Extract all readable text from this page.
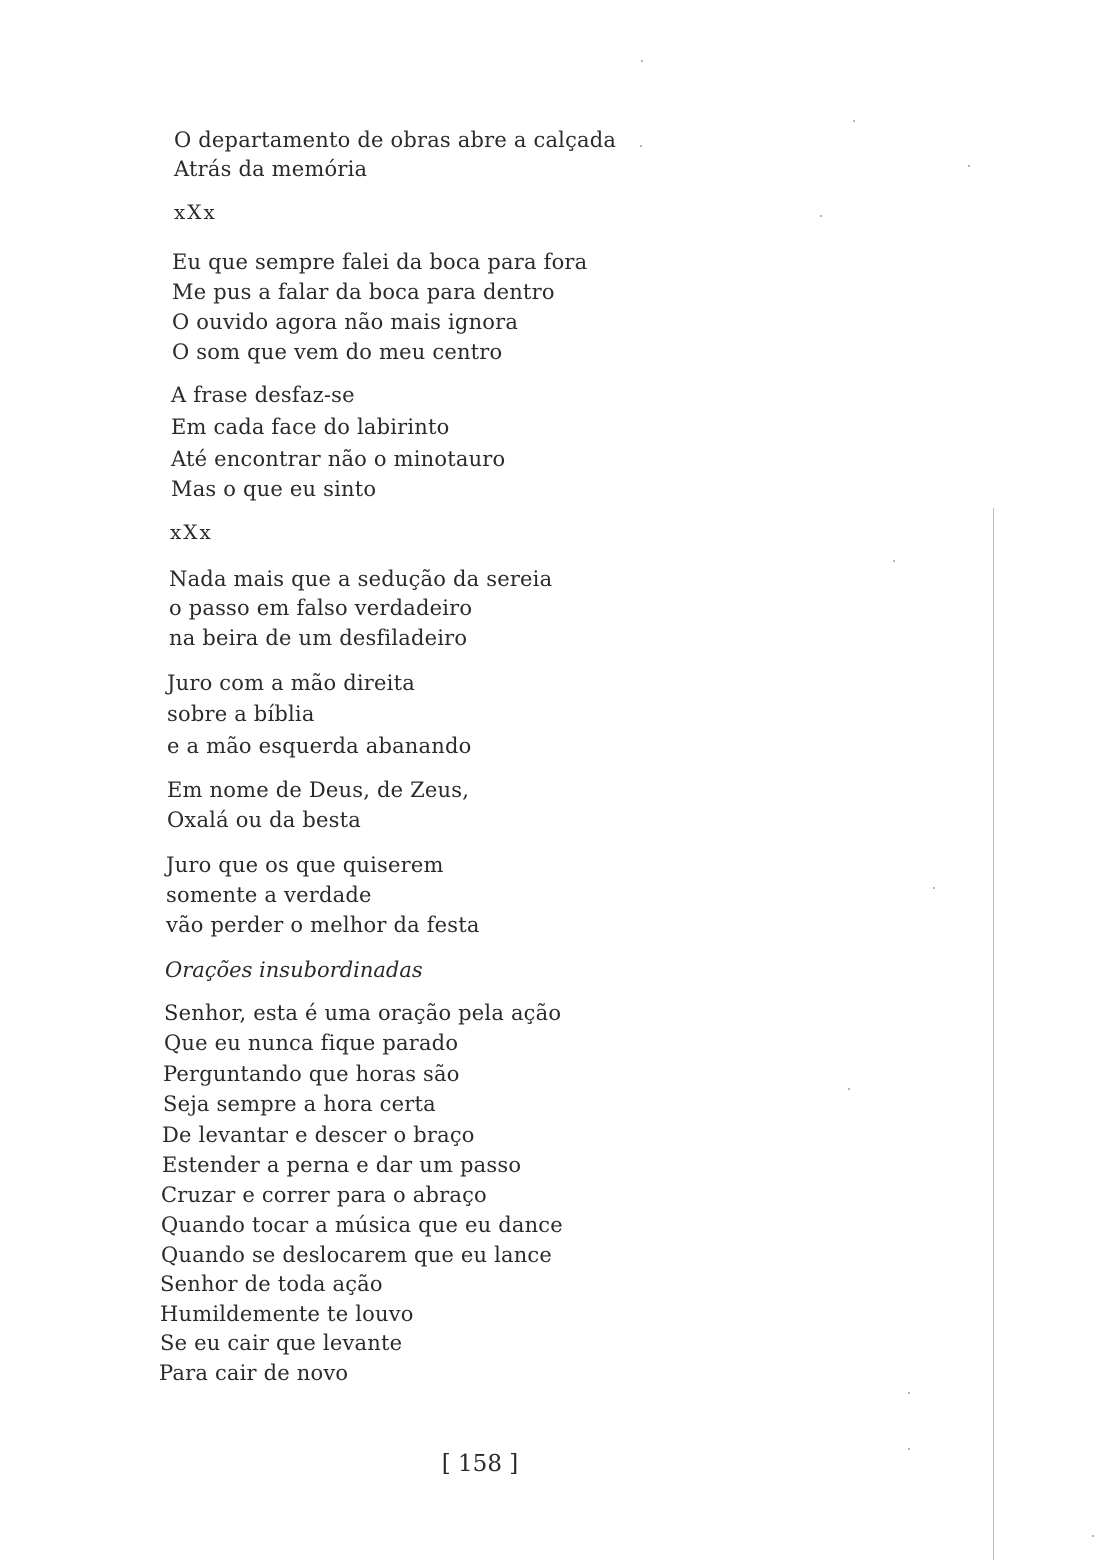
O departamento de obras abre a calçada
Atrás da memória
xXx
Eu que sempre falei da boca para fora
Me pus a falar da boca para dentro
O ouvido agora não mais ignora
O som que vem do meu centro
A frase desfaz-se
Em cada face do labirinto
Até encontrar não o minotauro
Mas o que eu sinto
xXx
Nada mais que a sedução da sereia
o passo em falso verdadeiro
na beira de um desfiladeiro
Juro com a mão direita
sobre a bíblia
e a mão esquerda abanando
Em nome de Deus, de Zeus,
Oxalá ou da besta
Juro que os que quiserem
somente a verdade
vão perder o melhor da festa
Orações insubordinadas
Senhor, esta é uma oração pela ação
Que eu nunca fique parado
Perguntando que horas são
Seja sempre a hora certa
De levantar e descer o braço
Estender a perna e dar um passo
Cruzar e correr para o abraço
Quando tocar a música que eu dance
Quando se deslocarem que eu lance
Senhor de toda ação
Humildemente te louvo
Se eu cair que levante
Para cair de novo
[ 158 ]
